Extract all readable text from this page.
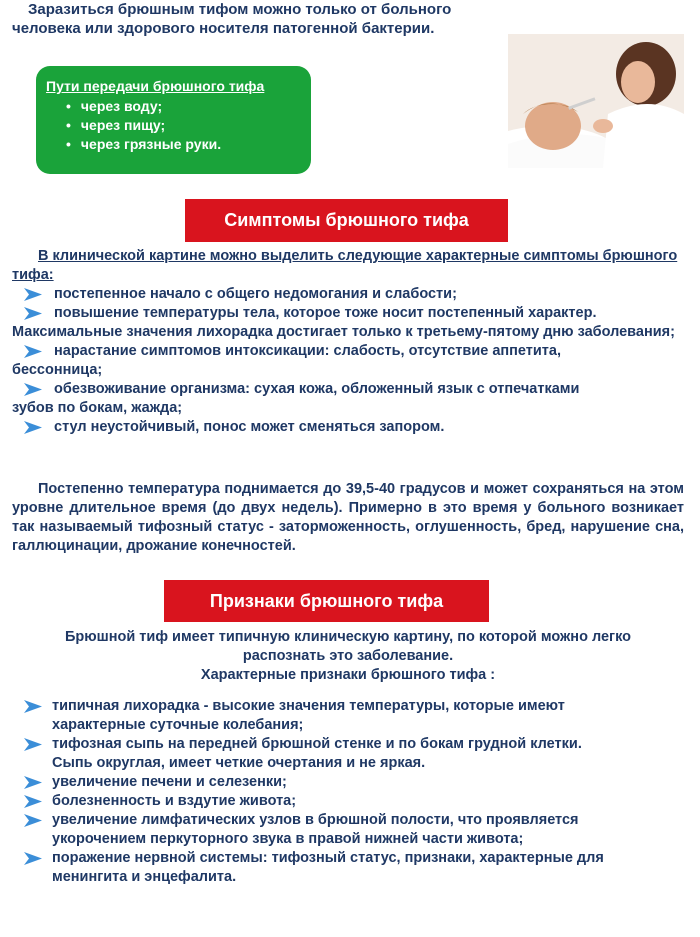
Заразиться брюшным тифом можно только от больного человека или здорового носителя патогенной бактерии.
Пути передачи брюшного тифа
• через воду;
• через пищу;
• через грязные руки.
Симптомы брюшного тифа
В клинической картине можно выделить следующие характерные симптомы брюшного тифа:
постепенное начало с общего недомогания и слабости;
повышение температуры тела, которое тоже носит постепенный характер.
Максимальные значения лихорадка достигает только к третьему-пятому дню заболевания;
нарастание симптомов интоксикации: слабость, отсутствие аппетита,
бессонница;
обезвоживание организма: сухая кожа, обложенный язык с отпечатками
зубов по бокам, жажда;
стул неустойчивый, понос может сменяться запором.
Постепенно температура поднимается до 39,5-40 градусов и может сохраняться на этом уровне длительное время (до двух недель). Примерно в это время у больного возникает так называемый тифозный статус - заторможенность, оглушенность, бред, нарушение сна, галлюцинации, дрожание конечностей.
Признаки брюшного тифа
Брюшной тиф имеет типичную клиническую картину, по которой можно легко
распознать это заболевание.
Характерные признаки брюшного тифа :
типичная лихорадка - высокие значения температуры, которые имеют характерные суточные колебания;
тифозная сыпь на передней брюшной стенке и по бокам грудной клетки. Сыпь округлая, имеет четкие очертания и не яркая.
увеличение печени и селезенки;
болезненность и вздутие живота;
увеличение лимфатических узлов в брюшной полости, что проявляется укорочением перкуторного звука в правой нижней части живота;
поражение нервной системы: тифозный статус, признаки, характерные для менингита и энцефалита.
